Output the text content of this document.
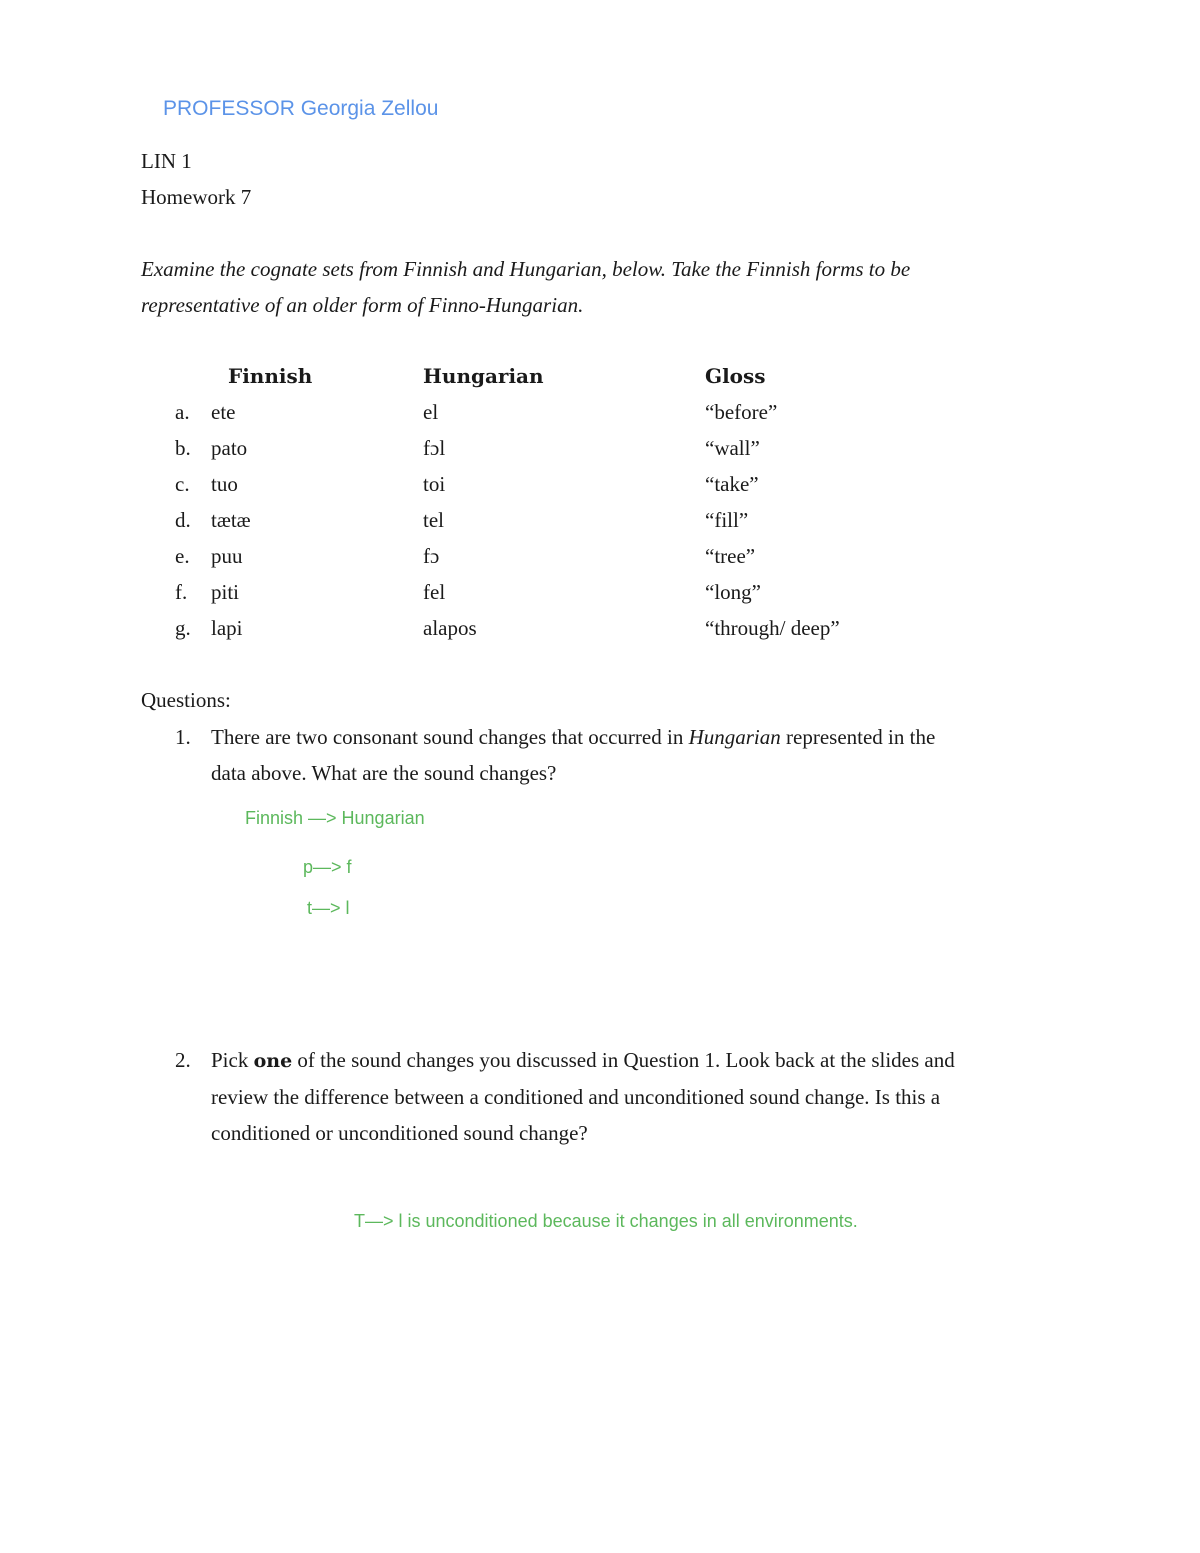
PROFESSOR Georgia Zellou
LIN 1
Homework 7
Examine the cognate sets from Finnish and Hungarian, below. Take the Finnish forms to be
representative of an older form of Finno-Hungarian.
Finnish	Hungarian	Gloss
a. ete	el	“before”
b. pato	fɔl	“wall”
c. tuo	toi	“take”
d. tætæ	tel	“fill”
e. puu	fɔ	“tree”
f. piti	fel	“long”
g. lapi	alapos	“through/ deep”
Questions:
1. There are two consonant sound changes that occurred in Hungarian represented in the
data above. What are the sound changes?
Finnish —> Hungarian
p—> f
t—> l
2. Pick one of the sound changes you discussed in Question 1. Look back at the slides and
review the difference between a conditioned and unconditioned sound change. Is this a
conditioned or unconditioned sound change?
T—> l is unconditioned because it changes in all environments.
